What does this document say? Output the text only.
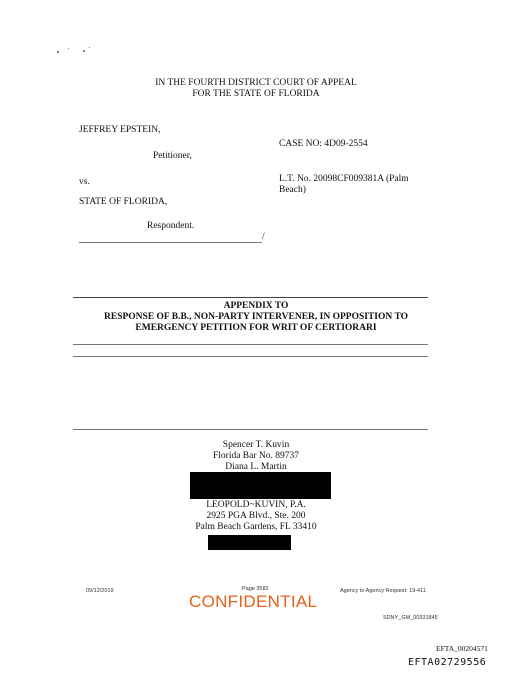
IN THE FOURTH DISTRICT COURT OF APPEAL
FOR THE STATE OF FLORIDA
JEFFREY EPSTEIN,
Petitioner,
vs.
STATE OF FLORIDA,
Respondent.
/
CASE NO: 4D09-2554
L.T. No. 20098CF009381A (Palm
Beach)
APPENDIX TO
RESPONSE OF B.B., NON-PARTY INTERVENER, IN OPPOSITION TO
EMERGENCY PETITION FOR WRIT OF CERTIORARI
Spencer T. Kuvin
Florida Bar No. 89737
Diana L. Martin
LEOPOLD~KUVIN, P.A.
2925 PGA Blvd., Ste. 200
Palm Beach Gardens, FL 33410
09/12/2019	Page 3582	Agency to Agency Request: 19-411
CONFIDENTIAL
SDNY_GM_00331845
EFTA_00204571
EFTA02729556
